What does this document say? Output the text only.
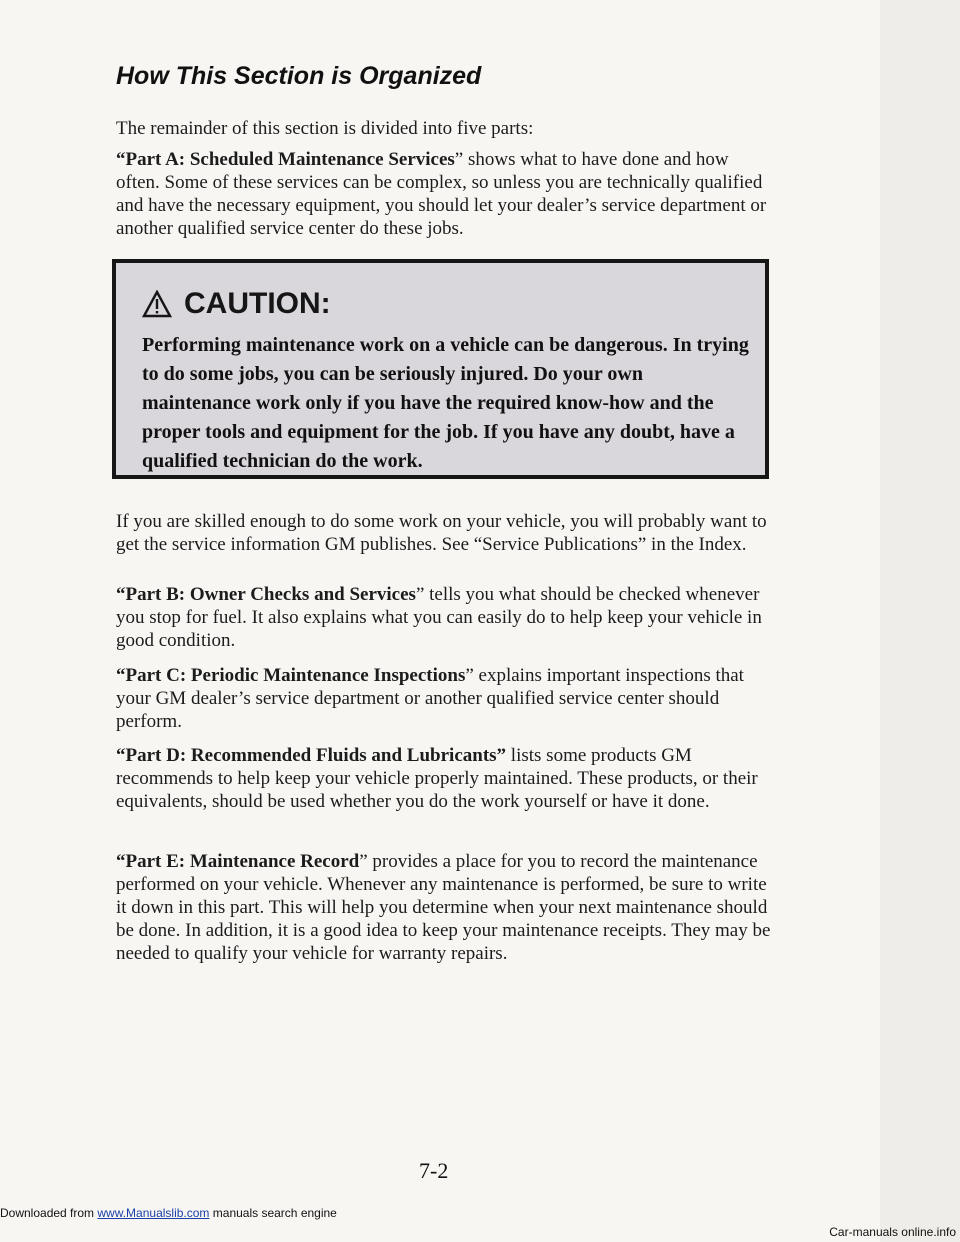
How This Section is Organized

The remainder of this section is divided into five parts:

“Part A: Scheduled Maintenance Services” shows what to have done and how often. Some of these services can be complex, so unless you are technically qualified and have the necessary equipment, you should let your dealer’s service department or another qualified service center do these jobs.

CAUTION:

Performing maintenance work on a vehicle can be dangerous. In trying to do some jobs, you can be seriously injured. Do your own maintenance work only if you have the required know-how and the proper tools and equipment for the job. If you have any doubt, have a qualified technician do the work.

If you are skilled enough to do some work on your vehicle, you will probably want to get the service information GM publishes. See “Service Publications” in the Index.

“Part B: Owner Checks and Services” tells you what should be checked whenever you stop for fuel. It also explains what you can easily do to help keep your vehicle in good condition.

“Part C: Periodic Maintenance Inspections” explains important inspections that your GM dealer’s service department or another qualified service center should perform.

“Part D: Recommended Fluids and Lubricants” lists some products GM recommends to help keep your vehicle properly maintained. These products, or their equivalents, should be used whether you do the work yourself or have it done.

“Part E: Maintenance Record” provides a place for you to record the maintenance performed on your vehicle. Whenever any maintenance is performed, be sure to write it down in this part. This will help you determine when your next maintenance should be done. In addition, it is a good idea to keep your maintenance receipts. They may be needed to qualify your vehicle for warranty repairs.

7-2

Downloaded from www.Manualslib.com manuals search engine

Car-manuals online.info
